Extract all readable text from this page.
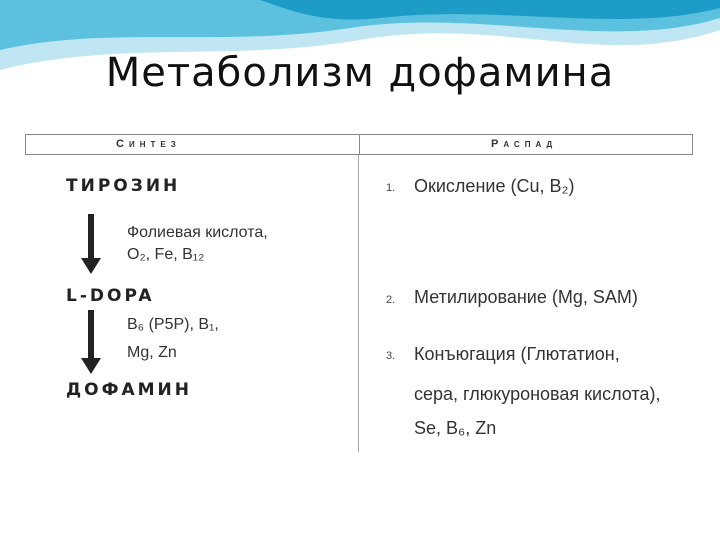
Метаболизм дофамина
Синтез	Распад
ТИРОЗИН
Фолиевая кислота,
O₂, Fe, B₁₂
L-DOPA
B₆ (P5P), B₁,
Mg, Zn
ДОФАМИН
1. Окисление (Cu, B₂)
2. Метилирование (Mg, SAM)
3. Конъюгация (Глютатион,
сера, глюкуроновая кислота),
Se, B₆, Zn
